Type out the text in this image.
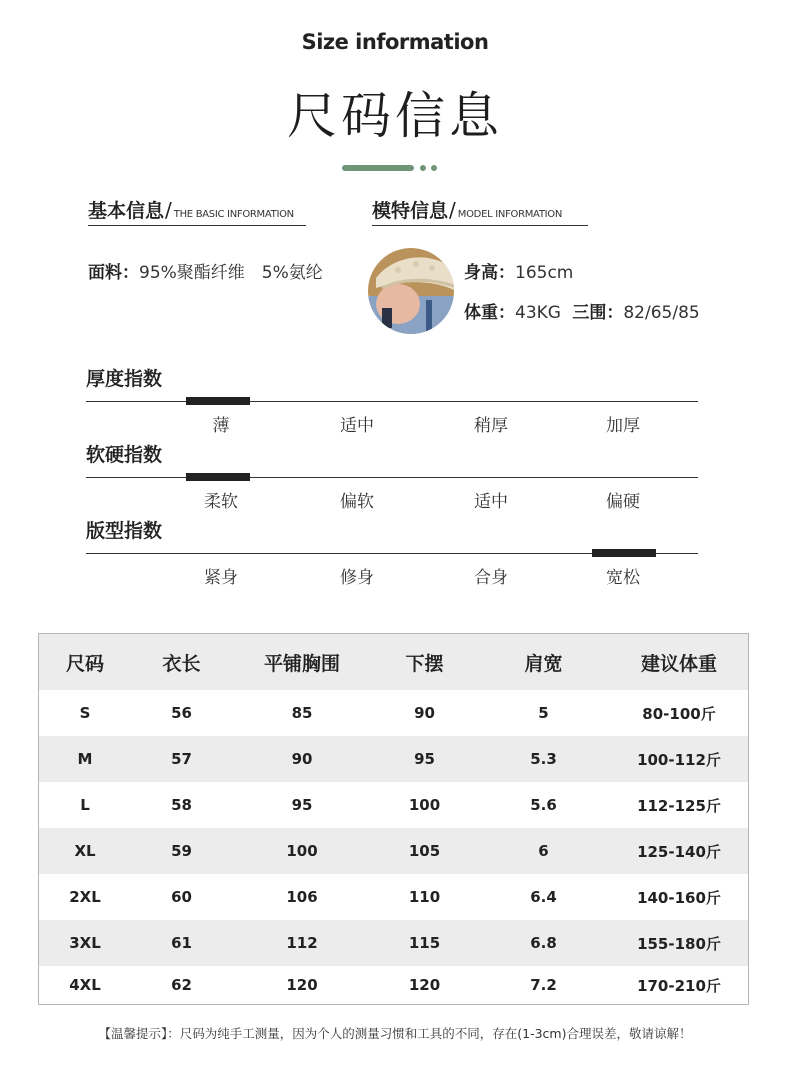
Size information
尺码信息
基本信息/ THE BASIC INFORMATION
面料：95%聚酯纤维　5%氨纶
模特信息/ MODEL INFORMATION
身高：165cm
体重：43KG 三围：82/65/85
厚度指数
薄	适中	稍厚	加厚
软硬指数
柔软	偏软	适中	偏硬
版型指数
紧身	修身	合身	宽松
尺码	衣长	平铺胸围	下摆	肩宽	建议体重
S	56	85	90	5	80-100斤
M	57	90	95	5.3	100-112斤
L	58	95	100	5.6	112-125斤
XL	59	100	105	6	125-140斤
2XL	60	106	110	6.4	140-160斤
3XL	61	112	115	6.8	155-180斤
4XL	62	120	120	7.2	170-210斤
【温馨提示】：尺码为纯手工测量，因为个人的测量习惯和工具的不同，存在(1-3cm)合理误差，敬请谅解！
